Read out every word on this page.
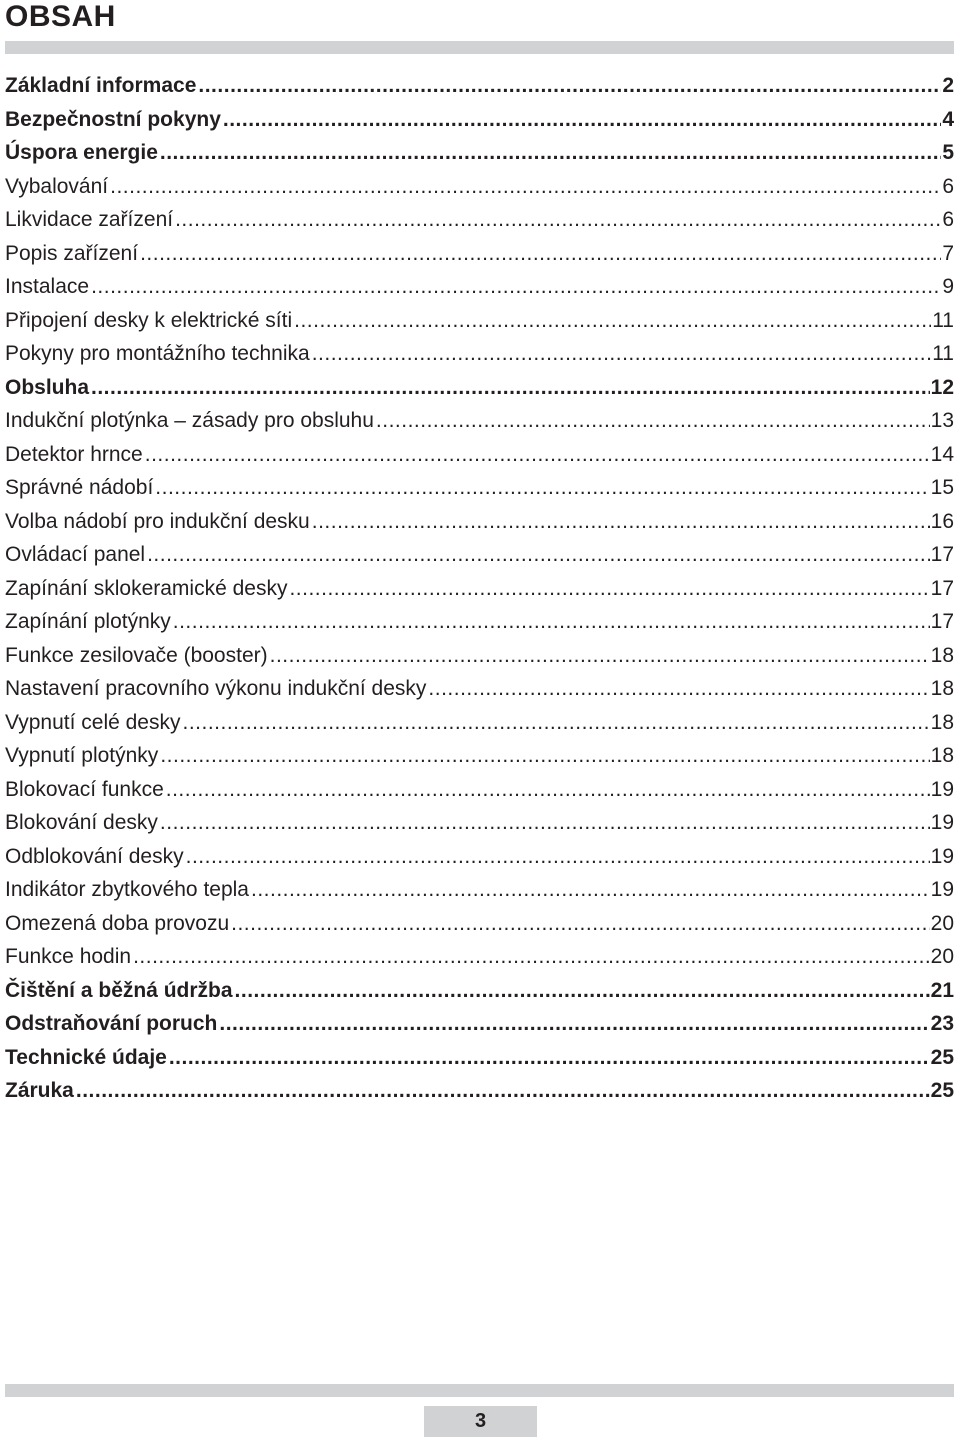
OBSAH
Základní informace .....	2
Bezpečnostní pokyny .....	4
Úspora energie .....	5
Vybalování .....	6
Likvidace zařízení .....	6
Popis zařízení .....	7
Instalace .....	9
Připojení desky k elektrické síti .....	11
Pokyny pro montážního technika .....	11
Obsluha .....	12
Indukční plotýnka – zásady pro obsluhu .....	13
Detektor hrnce .....	14
Správné nádobí .....	15
Volba nádobí pro indukční desku .....	16
Ovládací panel .....	17
Zapínání sklokeramické desky .....	17
Zapínání plotýnky .....	17
Funkce zesilovače (booster) .....	18
Nastavení pracovního výkonu indukční desky .....	18
Vypnutí celé desky .....	18
Vypnutí plotýnky .....	18
Blokovací funkce .....	19
Blokování desky .....	19
Odblokování desky .....	19
Indikátor zbytkového tepla .....	19
Omezená doba provozu .....	20
Funkce hodin .....	20
Čištění a běžná údržba .....	21
Odstraňování poruch .....	23
Technické údaje .....	25
Záruka .....	25
3
